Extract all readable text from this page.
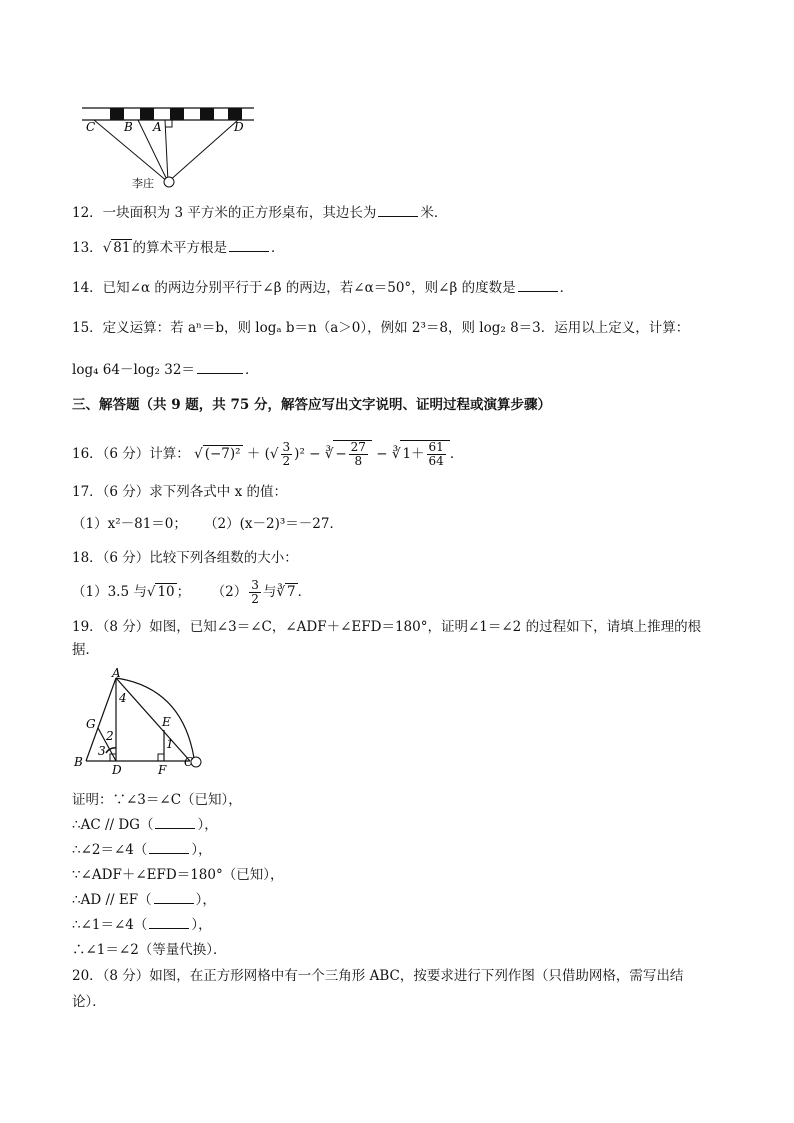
C B A	D
李庄
12．一块面积为 3 平方米的正方形桌布，其边长为	米．
13．√ 81 的算术平方根是	．
14．已知∠α 的两边分别平行于∠β 的两边，若∠α＝50°，则∠β 的度数是	．
15．定义运算：若 aⁿ＝b，则 logₐ b＝n（a＞0），例如 2³＝8，则 log₂ 8＝3．运用以上定义，计算：
log₄ 64－log₂ 32＝	．
三、解答题（共 9 题，共 75 分，解答应写出文字说明、证明过程或演算步骤）
16．（6 分）计算： √ (−7)² ＋ (√ $\frac{3}{2} )^2$ − ∛ − $\frac{27}{8}$ − ∛ $1+ \frac{61}{64}$ ．
17．（6 分）求下列各式中 x 的值：
（1）x²－81＝0； （2）(x－2)³＝－27．
18．（6 分）比较下列各组数的大小：
（1）3.5 与√ 10 ； $(2) \frac{3}{2}$ 与∛ 7 ．
19．（8 分）如图，已知∠3＝∠C，∠ADF＋∠EFD＝180°，证明∠1＝∠2 的过程如下，请填上推理的根
据．
A
4
G
2
3
E
1
B
D	F
C
证明：∵∠3＝∠C（已知），
∴AC // DG（	），
∴∠2＝∠4（	），
∵∠ADF＋∠EFD＝180°（已知），
∴AD // EF（	），
∴∠1＝∠4（	），
∴∠1＝∠2（等量代换）．
20．（8 分）如图，在正方形网格中有一个三角形 ABC，按要求进行下列作图（只借助网格，需写出结
论）．
